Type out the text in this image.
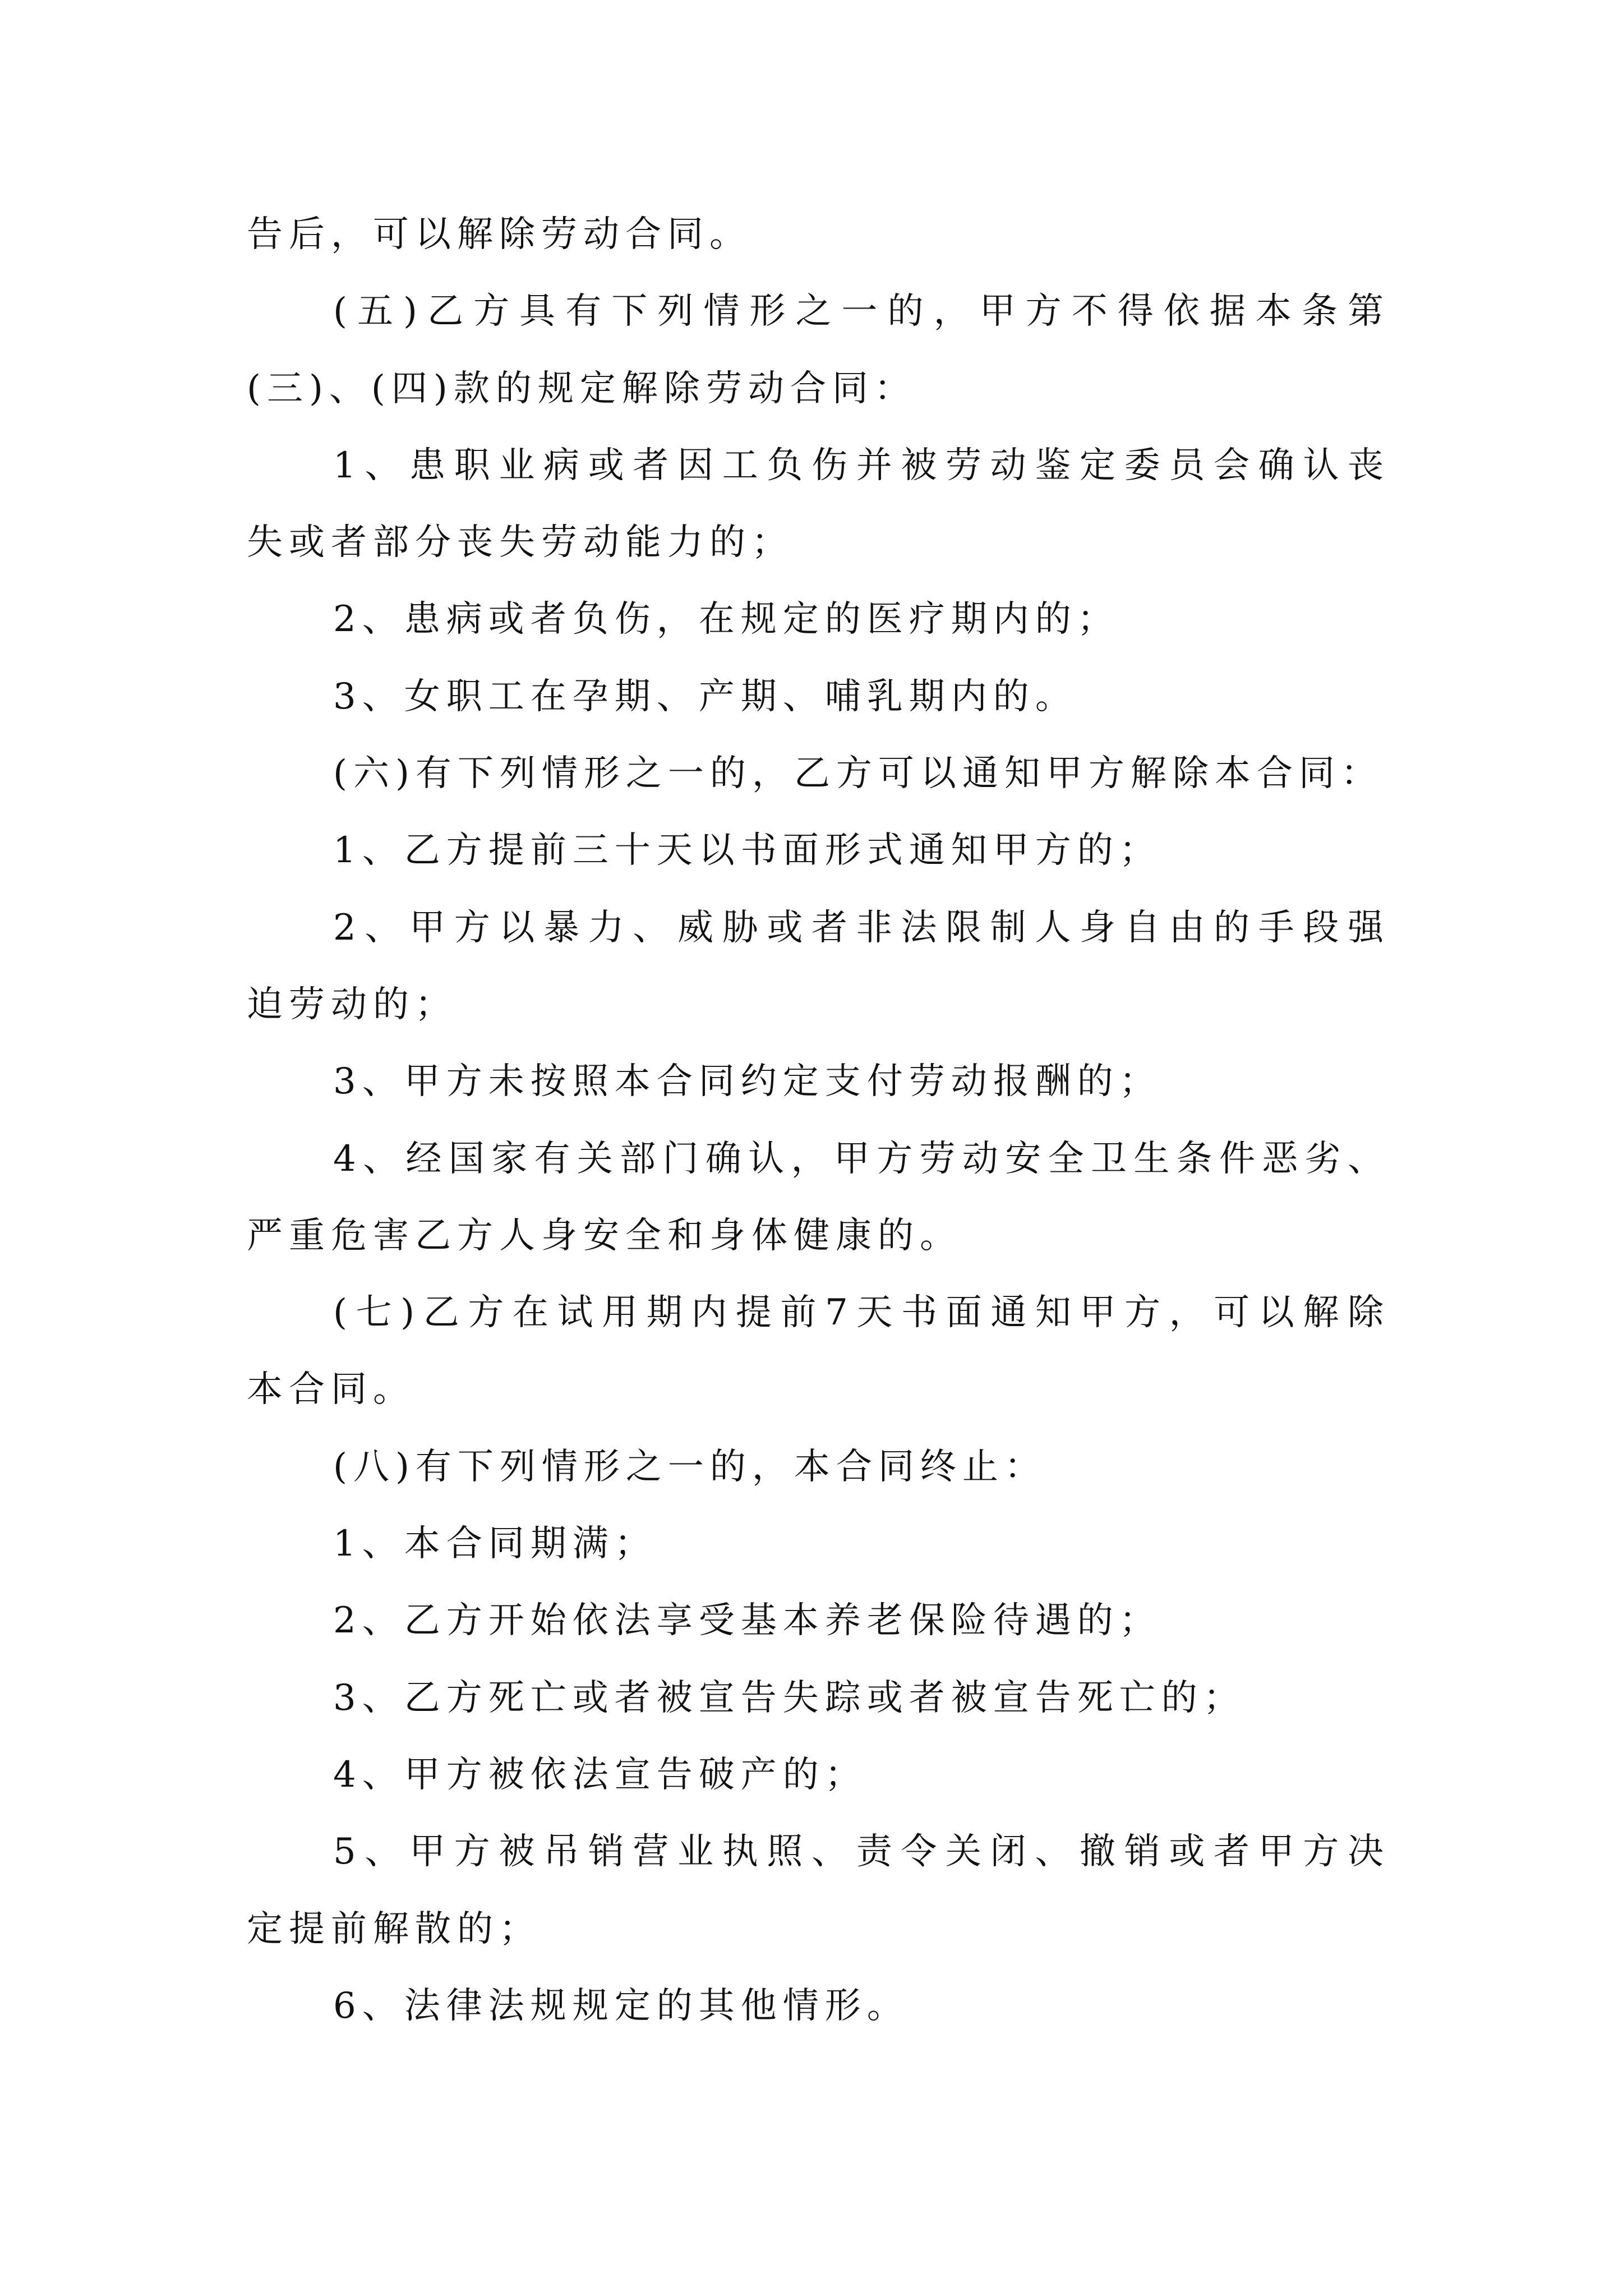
告后，可以解除劳动合同。
(五)乙方具有下列情形之一的，甲方不得依据本条第
(三)、(四)款的规定解除劳动合同：
1、患职业病或者因工负伤并被劳动鉴定委员会确认丧
失或者部分丧失劳动能力的；
2、患病或者负伤，在规定的医疗期内的；
3、女职工在孕期、产期、哺乳期内的。
(六)有下列情形之一的，乙方可以通知甲方解除本合同：
1、乙方提前三十天以书面形式通知甲方的；
2、甲方以暴力、威胁或者非法限制人身自由的手段强
迫劳动的；
3、甲方未按照本合同约定支付劳动报酬的；
4、经国家有关部门确认，甲方劳动安全卫生条件恶劣、
严重危害乙方人身安全和身体健康的。
(七)乙方在试用期内提前7天书面通知甲方，可以解除
本合同。
(八)有下列情形之一的，本合同终止：
1、本合同期满；
2、乙方开始依法享受基本养老保险待遇的；
3、乙方死亡或者被宣告失踪或者被宣告死亡的；
4、甲方被依法宣告破产的；
5、甲方被吊销营业执照、责令关闭、撤销或者甲方决
定提前解散的；
6、法律法规规定的其他情形。
